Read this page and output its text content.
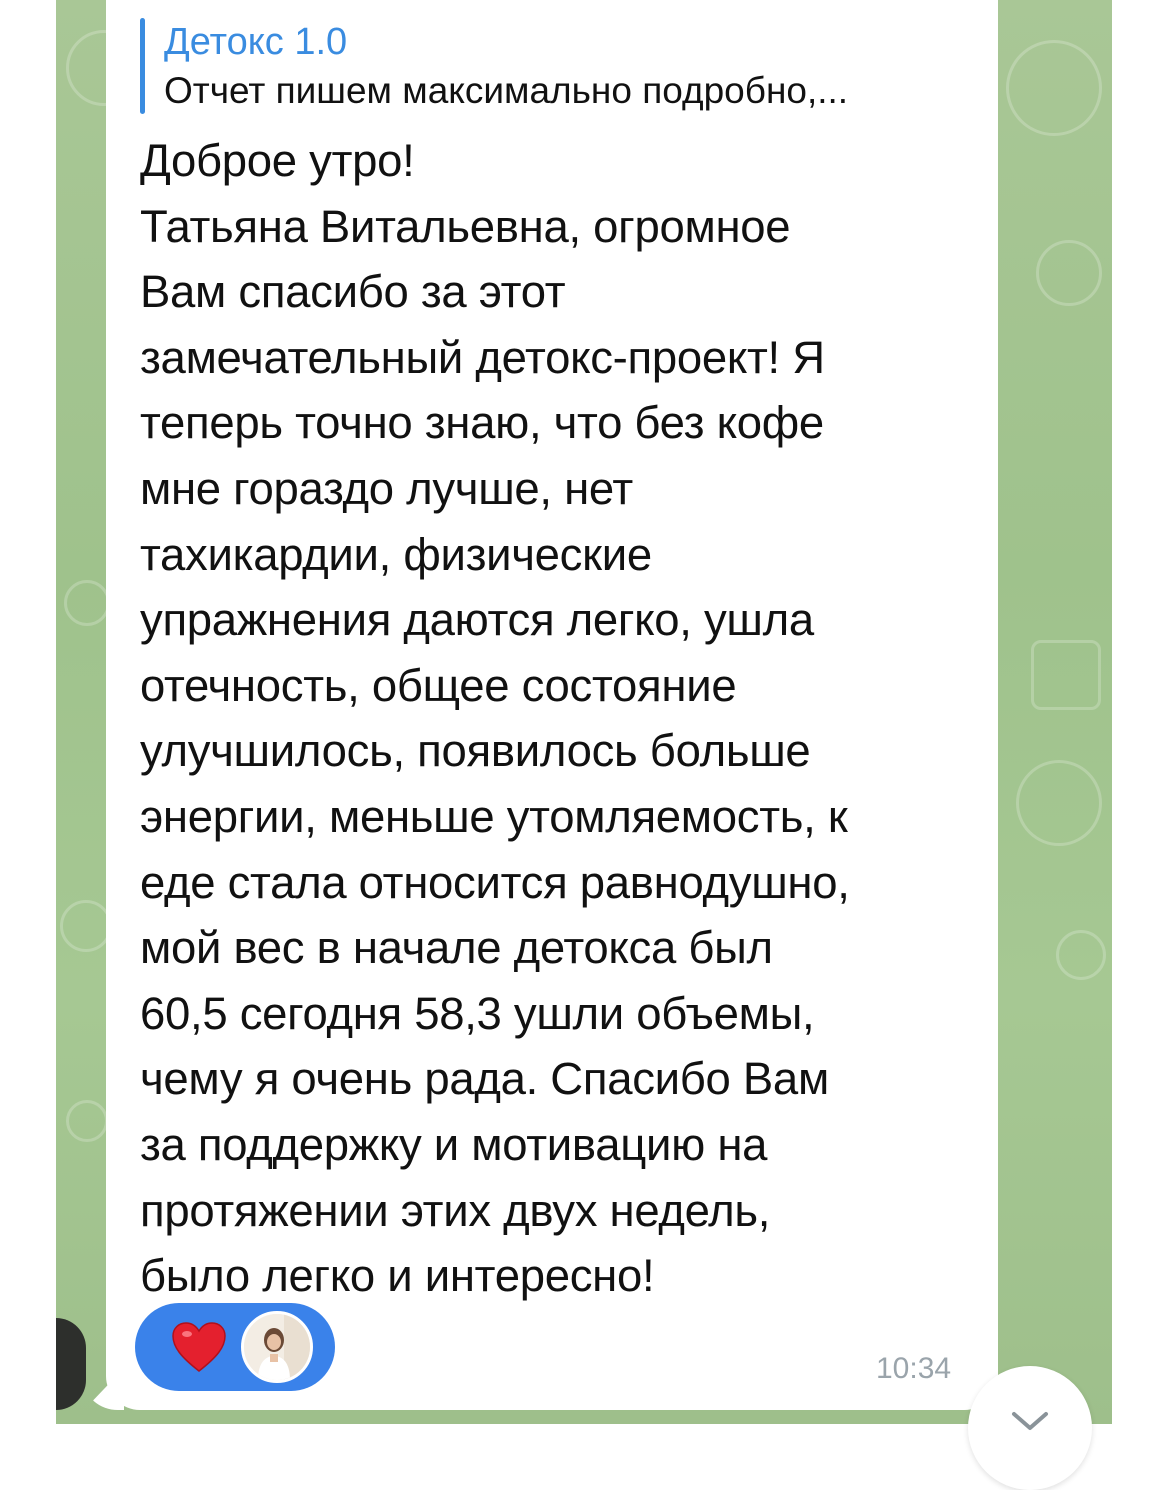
Детокс 1.0
Отчет пишем максимально подробно,...
Доброе утро!
Татьяна Витальевна, огромное
Вам спасибо за этот
замечательный детокс-проект! Я
теперь точно знаю, что без кофе
мне гораздо лучше, нет
тахикардии, физические
упражнения даются легко, ушла
отечность, общее состояние
улучшилось, появилось больше
энергии, меньше утомляемость, к
еде стала относится равнодушно,
мой вес в начале детокса был
60,5 сегодня 58,3 ушли объемы,
чему я очень рада. Спасибо Вам
за поддержку и мотивацию на
протяжении этих двух недель,
было легко и интересно!
10:34
